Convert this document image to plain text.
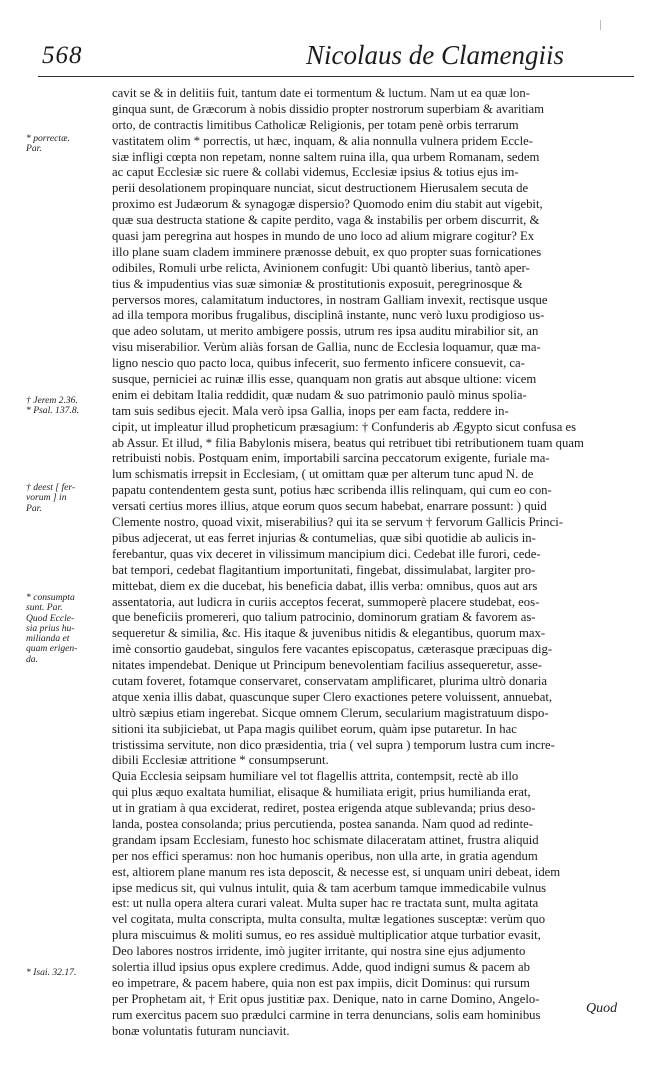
568	Nicolaus de Clamengiis
cavit se & in delitiis fuit, tantum date ei tormentum & luctum. Nam ut ea quæ lon-
ginqua sunt, de Græcorum à nobis dissidio propter nostrorum superbiam & avaritiam
orto, de contractis limitibus Catholicæ Religionis, per totam penè orbis terrarum
vastitatem olim * porrectis, ut hæc, inquam, & alia nonnulla vulnera pridem Eccle-
siæ infligi cœpta non repetam, nonne saltem ruina illa, qua urbem Romanam, sedem
ac caput Ecclesiæ sic ruere & collabi videmus, Ecclesiæ ipsius & totius ejus im-
perii desolationem propinquare nunciat, sicut destructionem Hierusalem secuta de
proximo est Judæorum & synagogæ dispersio? Quomodo enim diu stabit aut vigebit,
quæ sua destructa statione & capite perdito, vaga & instabilis per orbem discurrit, &
quasi jam peregrina aut hospes in mundo de uno loco ad alium migrare cogitur? Ex
illo plane suam cladem imminere prænosse debuit, ex quo propter suas fornicationes
odibiles, Romuli urbe relicta, Avinionem confugit: Ubi quantò liberius, tantò aper-
tius & impudentius vias suæ simoniæ & prostitutionis exposuit, peregrinosque &
perversos mores, calamitatum inductores, in nostram Galliam invexit, rectisque usque
ad illa tempora moribus frugalibus, disciplinâ instante, nunc verò luxu prodigioso us-
que adeo solutam, ut merito ambigere possis, utrum res ipsa auditu mirabilior sit, an
visu miserabilior. Verùm aliàs forsan de Gallia, nunc de Ecclesia loquamur, quæ ma-
ligno nescio quo pacto loca, quibus infecerit, suo fermento inficere consuevit, ca-
susque, perniciei ac ruinæ illis esse, quanquam non gratis aut absque ultione: vicem
enim ei debitam Italia reddidit, quæ nudam & suo patrimonio paulò minus spolia-
tam suis sedibus ejecit. Mala verò ipsa Gallia, inops per eam facta, reddere in-
cipit, ut impleatur illud propheticum præsagium: † Confunderis ab Ægypto sicut confusa es
ab Assur. Et illud, * filia Babylonis misera, beatus qui retribuet tibi retributionem tuam quam
retribuisti nobis. Postquam enim, importabili sarcina peccatorum exigente, furiale ma-
lum schismatis irrepsit in Ecclesiam, ( ut omittam quæ per alterum tunc apud N. de
papatu contendentem gesta sunt, potius hæc scribenda illis relinquam, qui cum eo con-
versati certius mores illius, atque eorum quos secum habebat, enarrare possunt: ) quid
Clemente nostro, quoad vixit, miserabilius? qui ita se servum † fervorum Gallicis Princi-
pibus adjecerat, ut eas ferret injurias & contumelias, quæ sibi quotidie ab aulicis in-
ferebantur, quas vix deceret in vilissimum mancipium dici. Cedebat ille furori, cede-
bat tempori, cedebat flagitantium importunitati, fingebat, dissimulabat, largiter pro-
mittebat, diem ex die ducebat, his beneficia dabat, illis verba: omnibus, quos aut ars
assentatoria, aut ludicra in curiis acceptos fecerat, summoperè placere studebat, eos-
que beneficiis promereri, quo talium patrocinio, dominorum gratiam & favorem as-
sequeretur & similia, &c. His itaque & juvenibus nitidis & elegantibus, quorum max-
imè consortio gaudebat, singulos fere vacantes episcopatus, cæterasque præcipuas dig-
nitates impendebat. Denique ut Principum benevolentiam facilius assequeretur, asse-
cutam foveret, fotamque conservaret, conservatam amplificaret, plurima ultrò donaria
atque xenia illis dabat, quascunque super Clero exactiones petere voluissent, annuebat,
ultrò sæpius etiam ingerebat. Sicque omnem Clerum, secularium magistratuum dispo-
sitioni ita subjiciebat, ut Papa magis quilibet eorum, quàm ipse putaretur. In hac
tristissima servitute, non dico præsidentia, tria ( vel supra ) temporum lustra cum incre-
dibili Ecclesiæ attritione * consumpserunt.
Quia Ecclesia seipsam humiliare vel tot flagellis attrita, contempsit, rectè ab illo
qui plus æquo exaltata humiliat, elisaque & humiliata erigit, prius humilianda erat,
ut in gratiam à qua exciderat, rediret, postea erigenda atque sublevanda; prius deso-
landa, postea consolanda; prius percutienda, postea sananda. Nam quod ad redinte-
grandam ipsam Ecclesiam, funesto hoc schismate dilaceratam attinet, frustra aliquid
per nos effici speramus: non hoc humanis operibus, non ulla arte, in gratia agendum
est, altiorem plane manum res ista deposcit, & necesse est, si unquam uniri debeat, idem
ipse medicus sit, qui vulnus intulit, quia & tam acerbum tamque immedicabile vulnus
est: ut nulla opera altera curari valeat. Multa super hac re tractata sunt, multa agitata
vel cogitata, multa conscripta, multa consulta, multæ legationes susceptæ: verùm quo
plura miscuimus & moliti sumus, eo res assiduè multiplicatior atque turbatior evasit,
Deo labores nostros irridente, imò jugiter irritante, qui nostra sine ejus adjumento
solertia illud ipsius opus explere credimus. Adde, quod indigni sumus & pacem ab
eo impetrare, & pacem habere, quia non est pax impiis, dicit Dominus: qui rursum
per Prophetam ait, † Erit opus justitiæ pax. Denique, nato in carne Domino, Angelo-
rum exercitus pacem suo prædulci carmine in terra denuncians, solis eam hominibus
bonæ voluntatis futuram nunciavit.
* porrectæ.
Par.
† Jerem 2.36.
* Psal. 137.8.
† deest [ fer-
vorum ] in
Par.
* consumpta
sunt. Par.
Quod Eccle-
sia prius hu-
milianda et
quam erigen-
da.
* Isai. 32.17.
Quod
